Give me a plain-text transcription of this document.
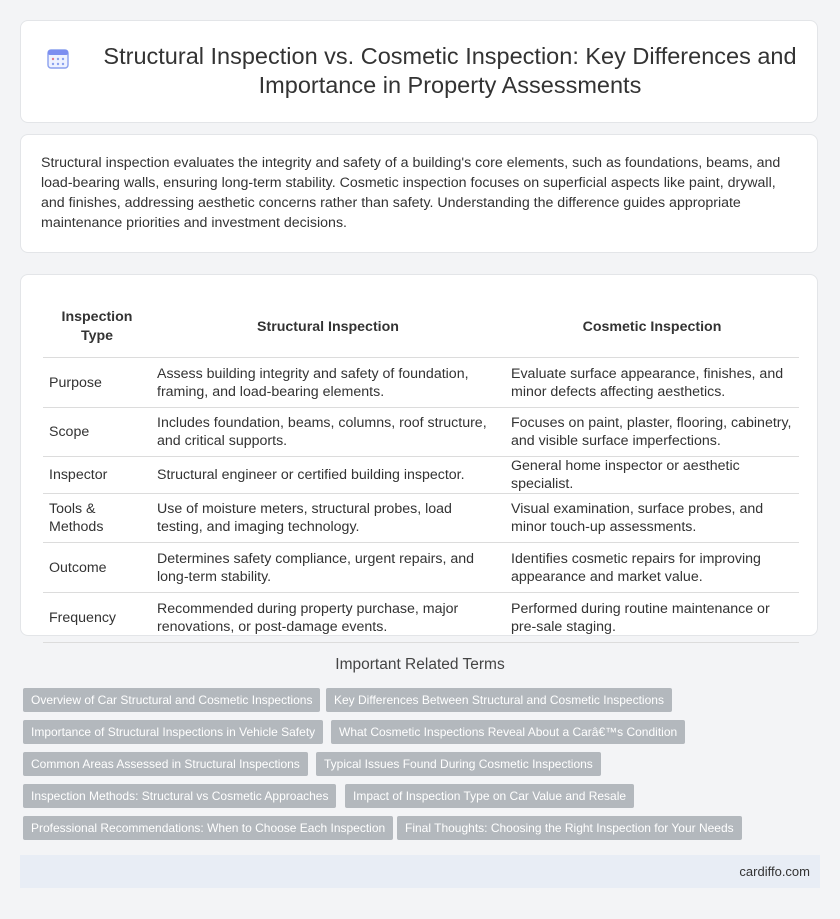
Structural Inspection vs. Cosmetic Inspection: Key Differences and Importance in Property Assessments

Structural inspection evaluates the integrity and safety of a building's core elements, such as foundations, beams, and load-bearing walls, ensuring long-term stability. Cosmetic inspection focuses on superficial aspects like paint, drywall, and finishes, addressing aesthetic concerns rather than safety. Understanding the difference guides appropriate maintenance priorities and investment decisions.

Inspection Type	Structural Inspection	Cosmetic Inspection
Purpose	Assess building integrity and safety of foundation, framing, and load-bearing elements.	Evaluate surface appearance, finishes, and minor defects affecting aesthetics.
Scope	Includes foundation, beams, columns, roof structure, and critical supports.	Focuses on paint, plaster, flooring, cabinetry, and visible surface imperfections.
Inspector	Structural engineer or certified building inspector.	General home inspector or aesthetic specialist.
Tools & Methods	Use of moisture meters, structural probes, load testing, and imaging technology.	Visual examination, surface probes, and minor touch-up assessments.
Outcome	Determines safety compliance, urgent repairs, and long-term stability.	Identifies cosmetic repairs for improving appearance and market value.
Frequency	Recommended during property purchase, major renovations, or post-damage events.	Performed during routine maintenance or pre-sale staging.
Important Related Terms
Overview of Car Structural and Cosmetic Inspections	Key Differences Between Structural and Cosmetic Inspections
Importance of Structural Inspections in Vehicle Safety	What Cosmetic Inspections Reveal About a Carâ€™s Condition
Common Areas Assessed in Structural Inspections	Typical Issues Found During Cosmetic Inspections
Inspection Methods: Structural vs Cosmetic Approaches	Impact of Inspection Type on Car Value and Resale
Professional Recommendations: When to Choose Each Inspection	Final Thoughts: Choosing the Right Inspection for Your Needs
cardiffo.com
